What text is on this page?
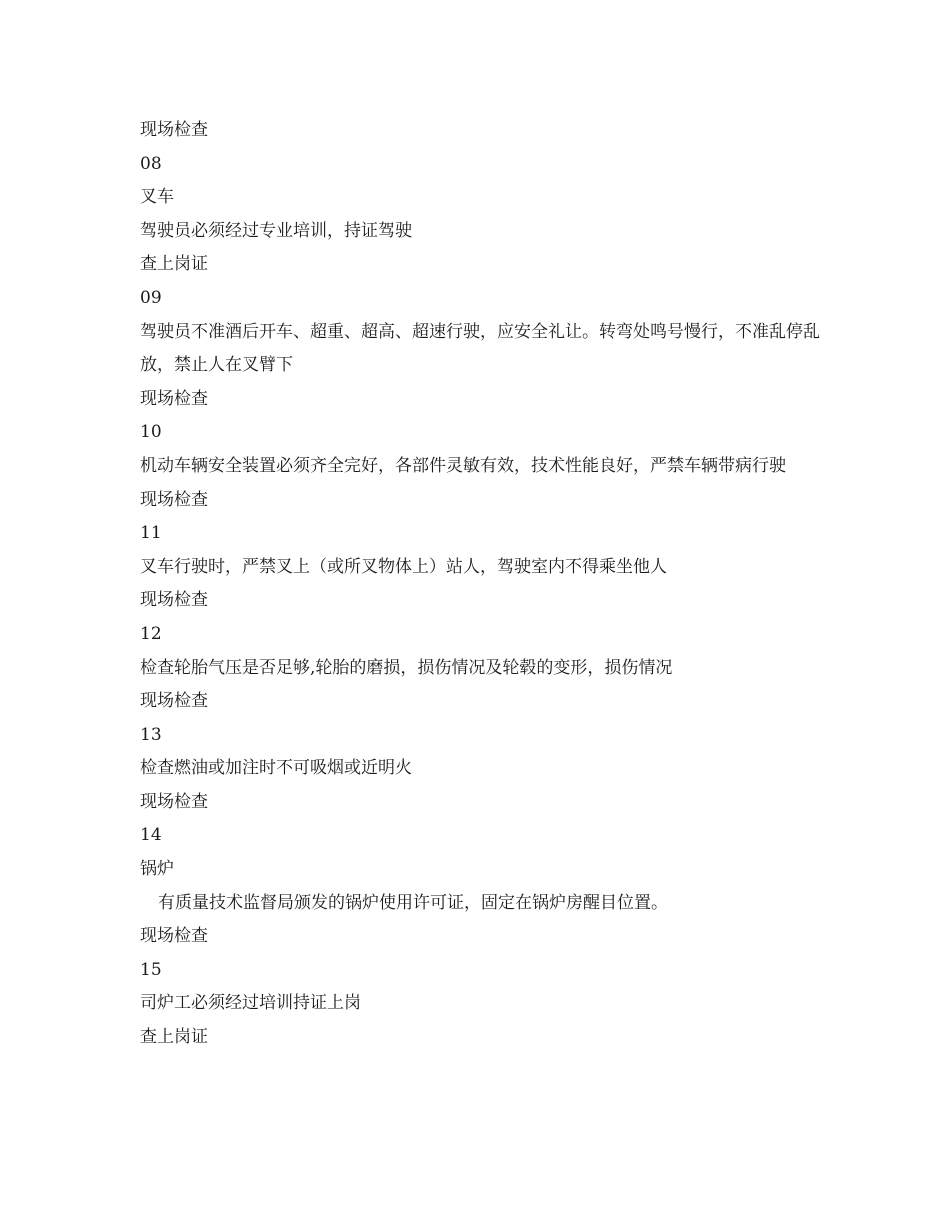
现场检查
08
叉车
驾驶员必须经过专业培训，持证驾驶
查上岗证
09
驾驶员不准酒后开车、超重、超高、超速行驶，应安全礼让。转弯处鸣号慢行，不准乱停乱放，禁止人在叉臂下
现场检查
10
机动车辆安全装置必须齐全完好，各部件灵敏有效，技术性能良好，严禁车辆带病行驶
现场检查
11
叉车行驶时，严禁叉上（或所叉物体上）站人，驾驶室内不得乘坐他人
现场检查
12
检查轮胎气压是否足够,轮胎的磨损，损伤情况及轮毂的变形，损伤情况
现场检查
13
检查燃油或加注时不可吸烟或近明火
现场检查
14
锅炉
有质量技术监督局颁发的锅炉使用许可证，固定在锅炉房醒目位置。
现场检查
15
司炉工必须经过培训持证上岗
查上岗证
